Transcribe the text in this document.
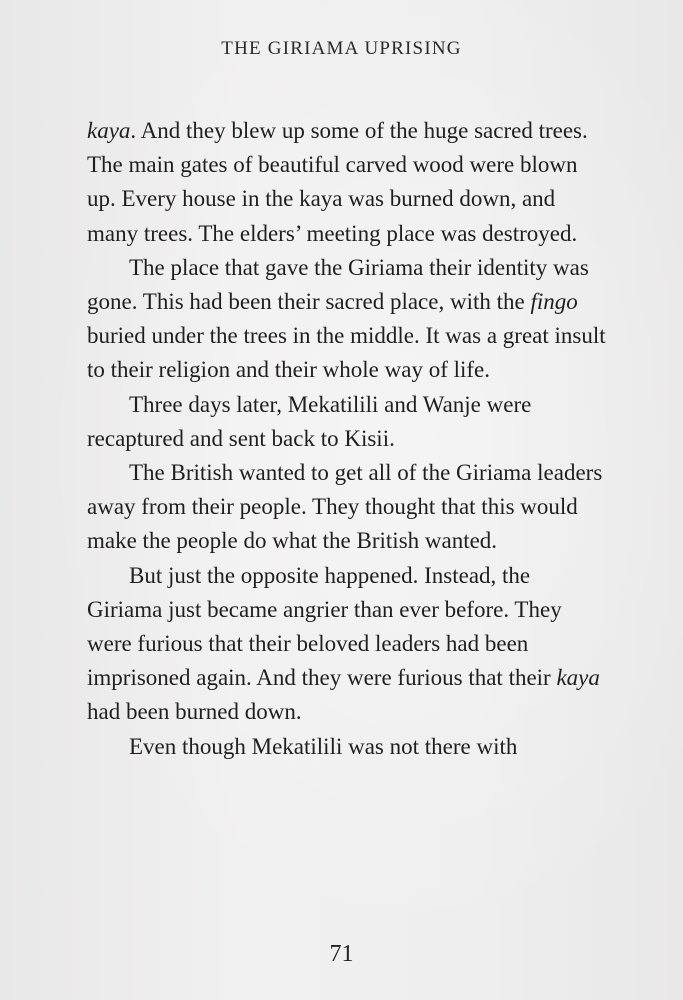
THE GIRIAMA UPRISING

kaya. And they blew up some of the huge sacred trees. The main gates of beautiful carved wood were blown up. Every house in the kaya was burned down, and many trees. The elders’ meeting place was destroyed.

The place that gave the Giriama their identity was gone. This had been their sacred place, with the fingo buried under the trees in the middle. It was a great insult to their religion and their whole way of life.

Three days later, Mekatilili and Wanje were recaptured and sent back to Kisii.

The British wanted to get all of the Giriama leaders away from their people. They thought that this would make the people do what the British wanted.

But just the opposite happened. Instead, the Giriama just became angrier than ever before. They were furious that their beloved leaders had been imprisoned again. And they were furious that their kaya had been burned down.

Even though Mekatilili was not there with

71
